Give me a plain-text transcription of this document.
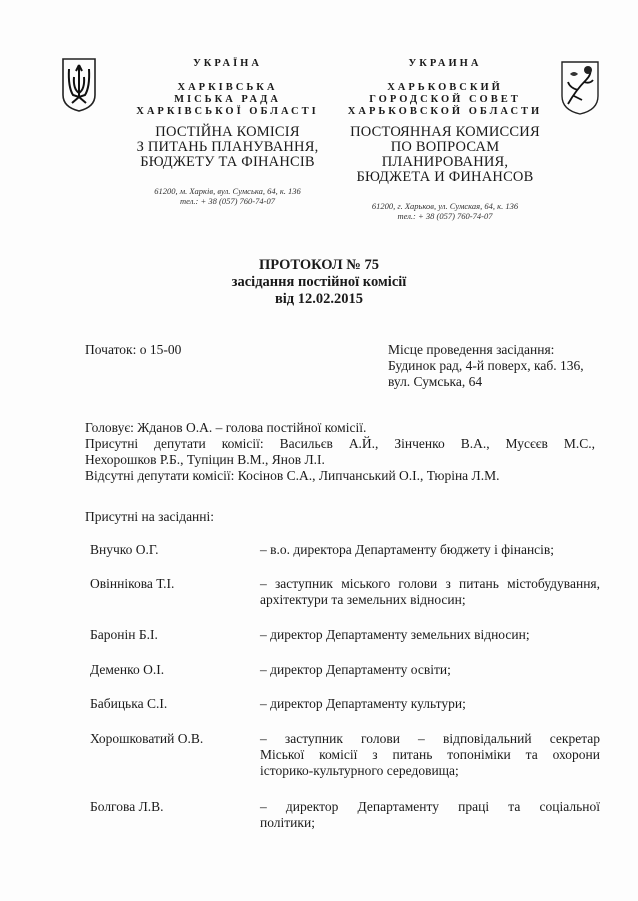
УКРАЇНА
ХАРКІВСЬКА
МІСЬКА РАДА
ХАРКІВСЬКОЇ ОБЛАСТІ
ПОСТІЙНА КОМІСІЯ
З ПИТАНЬ ПЛАНУВАННЯ,
БЮДЖЕТУ ТА ФІНАНСІВ
61200, м. Харків, вул. Сумська, 64, к. 136
тел.: + 38 (057) 760-74-07
УКРАИНА
ХАРЬКОВСКИЙ
ГОРОДСКОЙ СОВЕТ
ХАРЬКОВСКОЙ ОБЛАСТИ
ПОСТОЯННАЯ КОМИССИЯ
ПО ВОПРОСАМ ПЛАНИРОВАНИЯ,
БЮДЖЕТА И ФИНАНСОВ
61200, г. Харьков, ул. Сумская, 64, к. 136
тел.: + 38 (057) 760-74-07
ПРОТОКОЛ № 75
засідання постійної комісії
від 12.02.2015
Початок: о 15-00	Місце проведення засідання:
Будинок рад, 4-й поверх, каб. 136,
вул. Сумська, 64
Головує: Жданов О.А. – голова постійної комісії.
Присутні депутати комісії: Васильєв А.Й., Зінченко В.А., Мусєєв М.С.,
Нехорошков Р.Б., Тупіцин В.М., Янов Л.І.
Відсутні депутати комісії: Косінов С.А., Липчанський О.І., Тюріна Л.М.
Присутні на засіданні:
Внучко О.Г.	– в.о. директора Департаменту бюджету і фінансів;
Овіннікова Т.І.	– заступник міського голови з питань містобудування,
архітектури та земельних відносин;
Баронін Б.І.	– директор Департаменту земельних відносин;
Деменко О.І.	– директор Департаменту освіти;
Бабицька С.І.	– директор Департаменту культури;
Хорошковатий О.В.	– заступник голови – відповідальний секретар
Міської комісії з питань топоніміки та охорони
історико-культурного середовища;
Болгова Л.В.	– директор Департаменту праці та соціальної
політики;
